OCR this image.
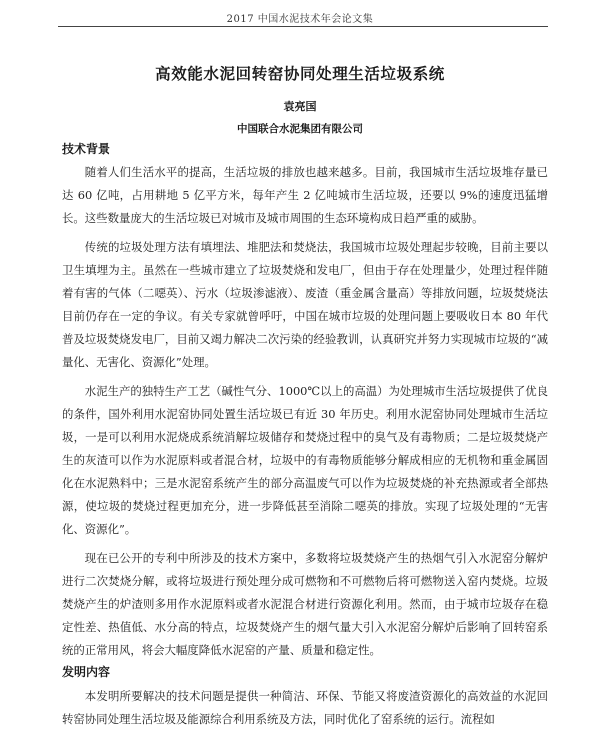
2017 中国水泥技术年会论文集
高效能水泥回转窑协同处理生活垃圾系统
袁亮国
中国联合水泥集团有限公司
技术背景

随着人们生活水平的提高，生活垃圾的排放也越来越多。目前，我国城市生活垃圾堆存量已达 60 亿吨，占用耕地 5 亿平方米，每年产生 2 亿吨城市生活垃圾，还要以 9%的速度迅猛增长。这些数量庞大的生活垃圾已对城市及城市周围的生态环境构成日趋严重的威胁。

传统的垃圾处理方法有填埋法、堆肥法和焚烧法，我国城市垃圾处理起步较晚，目前主要以卫生填埋为主。虽然在一些城市建立了垃圾焚烧和发电厂，但由于存在处理量少，处理过程伴随着有害的气体（二噁英）、污水（垃圾渗滤液）、废渣（重金属含量高）等排放问题，垃圾焚烧法目前仍存在一定的争议。有关专家就曾呼吁，中国在城市垃圾的处理问题上要吸收日本 80 年代普及垃圾焚烧发电厂，目前又竭力解决二次污染的经验教训，认真研究并努力实现城市垃圾的“减量化、无害化、资源化”处理。

水泥生产的独特生产工艺（碱性气分、1000℃以上的高温）为处理城市生活垃圾提供了优良的条件，国外利用水泥窑协同处置生活垃圾已有近 30 年历史。利用水泥窑协同处理城市生活垃圾，一是可以利用水泥烧成系统消解垃圾储存和焚烧过程中的臭气及有毒物质；二是垃圾焚烧产生的灰渣可以作为水泥原料或者混合材，垃圾中的有毒物质能够分解成相应的无机物和重金属固化在水泥熟料中；三是水泥窑系统产生的部分高温废气可以作为垃圾焚烧的补充热源或者全部热源，使垃圾的焚烧过程更加充分，进一步降低甚至消除二噁英的排放。实现了垃圾处理的“无害化、资源化”。

现在已公开的专利中所涉及的技术方案中，多数将垃圾焚烧产生的热烟气引入水泥窑分解炉进行二次焚烧分解，或将垃圾进行预处理分成可燃物和不可燃物后将可燃物送入窑内焚烧。垃圾焚烧产生的炉渣则多用作水泥原料或者水泥混合材进行资源化利用。然而，由于城市垃圾存在稳定性差、热值低、水分高的特点，垃圾焚烧产生的烟气量大引入水泥窑分解炉后影响了回转窑系统的正常用风，将会大幅度降低水泥窑的产量、质量和稳定性。

发明内容

本发明所要解决的技术问题是提供一种简洁、环保、节能又将废渣资源化的高效益的水泥回转窑协同处理生活垃圾及能源综合利用系统及方法，同时优化了窑系统的运行。流程如
